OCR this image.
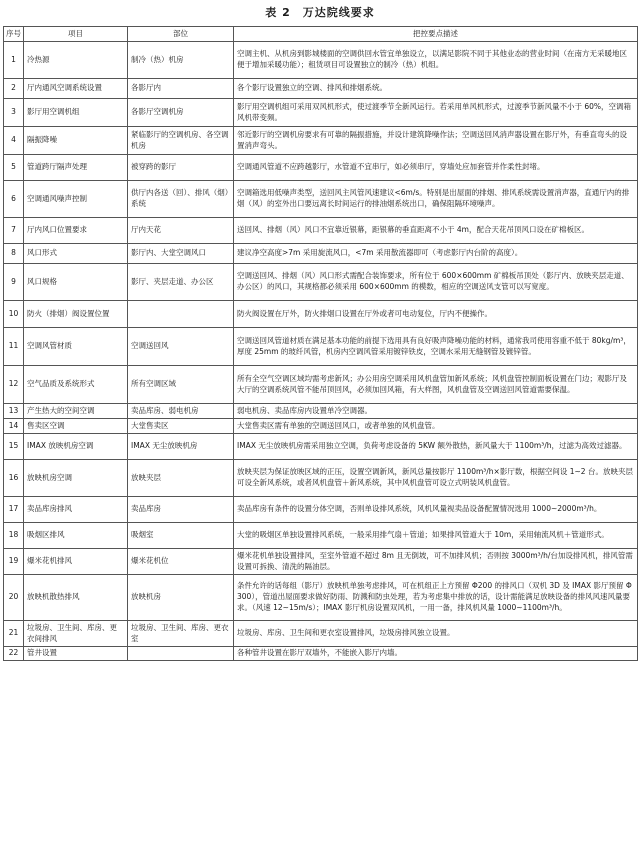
表 2　万达院线要求
序号	项目	部位	把控要点描述
1	冷热源	制冷（热）机房	空调主机、从机房到影城楼面的空调供回水管宜单独设立，以满足影院不同于其他业态的营业时间（在南方无采暖地区便于增加采暖功能）；租赁项目可设置独立的制冷（热）机组。
2	厅内通风空调系统设置	各影厅内	各个影厅设置独立的空调、排风和排烟系统。
3	影厅用空调机组	各影厅空调机房	影厅用空调机组可采用双风机形式，使过渡季节全新风运行。若采用单风机形式，过渡季节新风量不小于 60%，空调箱风机带变频。
4	隔振降噪	紧临影厅的空调机房、各空调机房	邻近影厅的空调机房要求有可靠的隔振措施，并设计建筑降噪作法；空调送回风消声器设置在影厅外，有垂直弯头的设置消声弯头。
5	管道跨厅隔声处理	被穿跨的影厅	空调通风管道不应跨越影厅，水管道不宜串厅，如必须串厅，穿墙处应加套管并作柔性封堵。
6	空调通风噪声控制	供厅内各送（回）、排风（烟）系统	空调箱选用低噪声类型，送回风主风管风速建议<6m/s。特别是出屋面的排烟、排风系统需设置消声器，直通厅内的排烟（风）的室外出口要远离长时间运行的排油烟系统出口，确保阻隔环境噪声。
7	厅内风口位置要求	厅内天花	送回风、排烟（风）风口不宜靠近银幕，距银幕的垂直距离不小于 4m，配合天花吊顶风口设在矿棉板区。
8	风口形式	影厅内、大堂空调风口	建议净空高度>7m 采用旋流风口，<7m 采用散流器即可（考虑影厅内台阶的高度）。
9	风口规格	影厅、夹层走道、办公区	空调送回风、排烟（风）风口形式需配合装饰要求，所有位于 600×600mm 矿棉板吊顶处（影厅内、放映夹层走道、办公区）的风口，其规格都必须采用 600×600mm 的模数，相应的空调送风支管可以写宽度。
10	防火（排烟）阀设置位置		防火阀设置在厅外，防火排烟口设置在厅外或者可电动复位，厅内不便操作。
11	空调风管材质	空调送回风	空调送回风管道材质在满足基本功能的前提下选用具有良好吸声降噪功能的材料，通常我司使用容重不低于 80kg/m³，厚度 25mm 的玻纤风管，机房内空调风管采用镀锌铁皮，空调水采用无缝钢管及镀锌管。
12	空气品质及系统形式	所有空调区域	所有全空气空调区域均需考虑新风；办公用房空调采用风机盘管加新风系统；风机盘管控制面板设置在门边；观影厅及大厅的空调系统风管不能吊顶回风，必须加回风箱，有大样图，风机盘管及空调送回风管道需要保温。
13	产生热大的空间空调	卖品库房、弱电机房	弱电机房、卖品库房内设置单冷空调器。
14	售卖区空调	大堂售卖区	大堂售卖区需有单独的空调送回风口，或者单独的风机盘管。
15	IMAX 放映机房空调	IMAX 无尘放映机房	IMAX 无尘放映机房需采用独立空调，负荷考虑设备的 5KW 额外散热，新风量大于 1100m³/h，过滤为高效过滤器。
16	放映机房空调	放映夹层	放映夹层为保证放映区域的正压，设置空调新风，新风总量按影厅 1100m³/h×影厅数，根据空间设 1~2 台。放映夹层可设全新风系统，或者风机盘管＋新风系统，其中风机盘管可设立式明装风机盘管。
17	卖品库房排风	卖品库房	卖品库房有条件的设置分体空调，否则单设排风系统，风机风量视卖品设备配置情况选用 1000~2000m³/h。
18	吸烟区排风	吸烟室	大堂的吸烟区单独设置排风系统，一般采用排气扇＋管道；如果排风管道大于 10m，采用轴流风机＋管道形式。
19	爆米花机排风	爆米花机位	爆米花机单独设置排风，至室外管道不超过 8m 且无倒坡，可不加排风机；否则按 3000m³/h/台加设排风机，排风管需设置可拆换、清洗的隔油层。
20	放映机散热排风	放映机房	条件允许的话每组（影厅）放映机单独考虑排风，可在机组正上方预留 Φ200 的排风口（双机 3D 及 IMAX 影厅预留 Φ300），管道出屋面要求做好防雨、防溅和防虫处理，若为考虑集中排放的话，设计需能满足放映设备的排风风速风量要求。（风速 12~15m/s）；IMAX 影厅机房设置双风机，一用一备，排风机风量 1000~1100m³/h。
21	垃圾房、卫生间、库房、更衣间排风	垃圾房、卫生间、库房、更衣室	垃圾房、库房、卫生间和更衣室设置排风，垃圾房排风独立设置。
22	管井设置		各种管井设置在影厅双墙外，不能嵌入影厅内墙。
